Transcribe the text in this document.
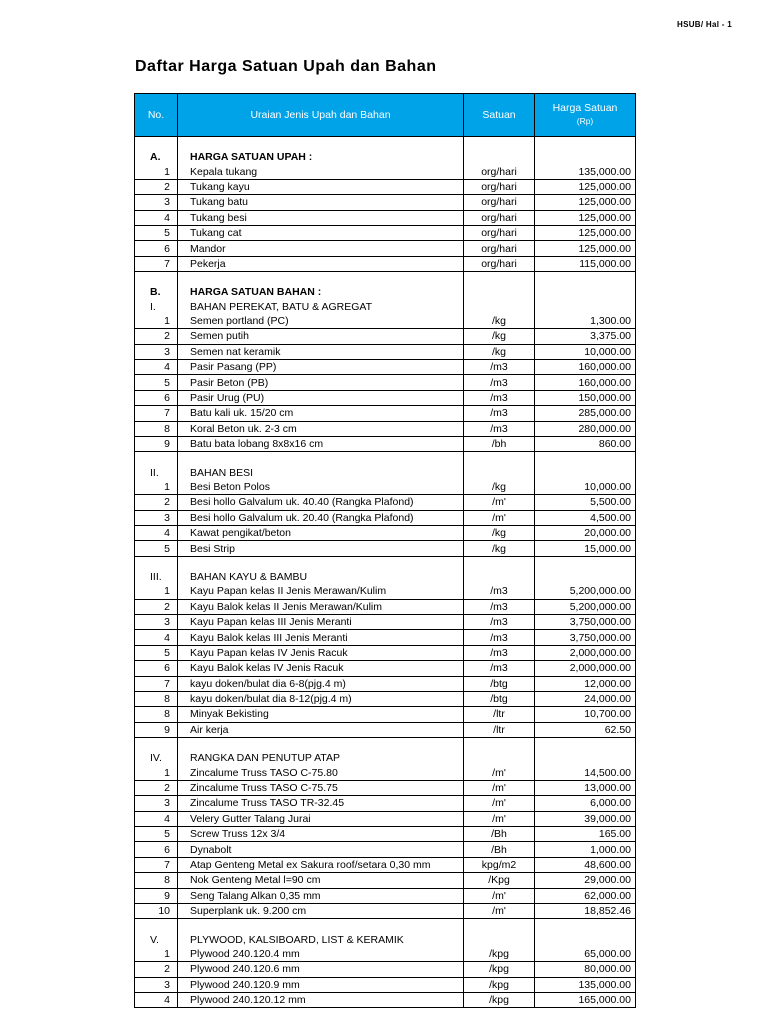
HSUB/ Hal - 1
Daftar Harga Satuan Upah dan Bahan
No.	Uraian Jenis Upah dan Bahan	Satuan	Harga Satuan
(Rp)

A.	HARGA SATUAN UPAH :		
1	Kepala tukang	org/hari	135,000.00
2	Tukang kayu	org/hari	125,000.00
3	Tukang batu	org/hari	125,000.00
4	Tukang besi	org/hari	125,000.00
5	Tukang cat	org/hari	125,000.00
6	Mandor	org/hari	125,000.00
7	Pekerja	org/hari	115,000.00

B.	HARGA SATUAN BAHAN :		
I.	BAHAN PEREKAT, BATU & AGREGAT		
1	Semen portland (PC)	/kg	1,300.00
2	Semen putih	/kg	3,375.00
3	Semen nat keramik	/kg	10,000.00
4	Pasir Pasang (PP)	/m3	160,000.00
5	Pasir Beton (PB)	/m3	160,000.00
6	Pasir Urug (PU)	/m3	150,000.00
7	Batu kali uk. 15/20 cm	/m3	285,000.00
8	Koral Beton uk. 2-3 cm	/m3	280,000.00
9	Batu bata lobang 8x8x16 cm	/bh	860.00

II.	BAHAN BESI		
1	Besi Beton Polos	/kg	10,000.00
2	Besi hollo Galvalum uk. 40.40 (Rangka Plafond)	/m'	5,500.00
3	Besi hollo Galvalum uk. 20.40 (Rangka Plafond)	/m'	4,500.00
4	Kawat pengikat/beton	/kg	20,000.00
5	Besi Strip	/kg	15,000.00

III.	BAHAN KAYU & BAMBU		
1	Kayu Papan kelas II Jenis Merawan/Kulim	/m3	5,200,000.00
2	Kayu Balok kelas II Jenis Merawan/Kulim	/m3	5,200,000.00
3	Kayu Papan kelas III Jenis Meranti	/m3	3,750,000.00
4	Kayu Balok kelas III Jenis Meranti	/m3	3,750,000.00
5	Kayu Papan kelas IV Jenis Racuk	/m3	2,000,000.00
6	Kayu Balok kelas IV Jenis Racuk	/m3	2,000,000.00
7	kayu doken/bulat dia 6-8(pjg.4 m)	/btg	12,000.00
8	kayu doken/bulat dia 8-12(pjg.4 m)	/btg	24,000.00
8	Minyak Bekisting	/ltr	10,700.00
9	Air kerja	/ltr	62.50

IV.	RANGKA DAN PENUTUP ATAP		
1	Zincalume Truss TASO C-75.80	/m'	14,500.00
2	Zincalume Truss TASO C-75.75	/m'	13,000.00
3	Zincalume Truss TASO TR-32.45	/m'	6,000.00
4	Velery Gutter Talang Jurai	/m'	39,000.00
5	Screw Truss 12x 3/4	/Bh	165.00
6	Dynabolt	/Bh	1,000.00
7	Atap Genteng Metal ex Sakura roof/setara 0,30 mm	kpg/m2	48,600.00
8	Nok Genteng Metal l=90 cm	/Kpg	29,000.00
9	Seng Talang Alkan 0,35 mm	/m'	62,000.00
10	Superplank uk. 9.200 cm	/m'	18,852.46

V.	PLYWOOD, KALSIBOARD, LIST & KERAMIK		
1	Plywood 240.120.4 mm	/kpg	65,000.00
2	Plywood 240.120.6 mm	/kpg	80,000.00
3	Plywood 240.120.9 mm	/kpg	135,000.00
4	Plywood 240.120.12 mm	/kpg	165,000.00
